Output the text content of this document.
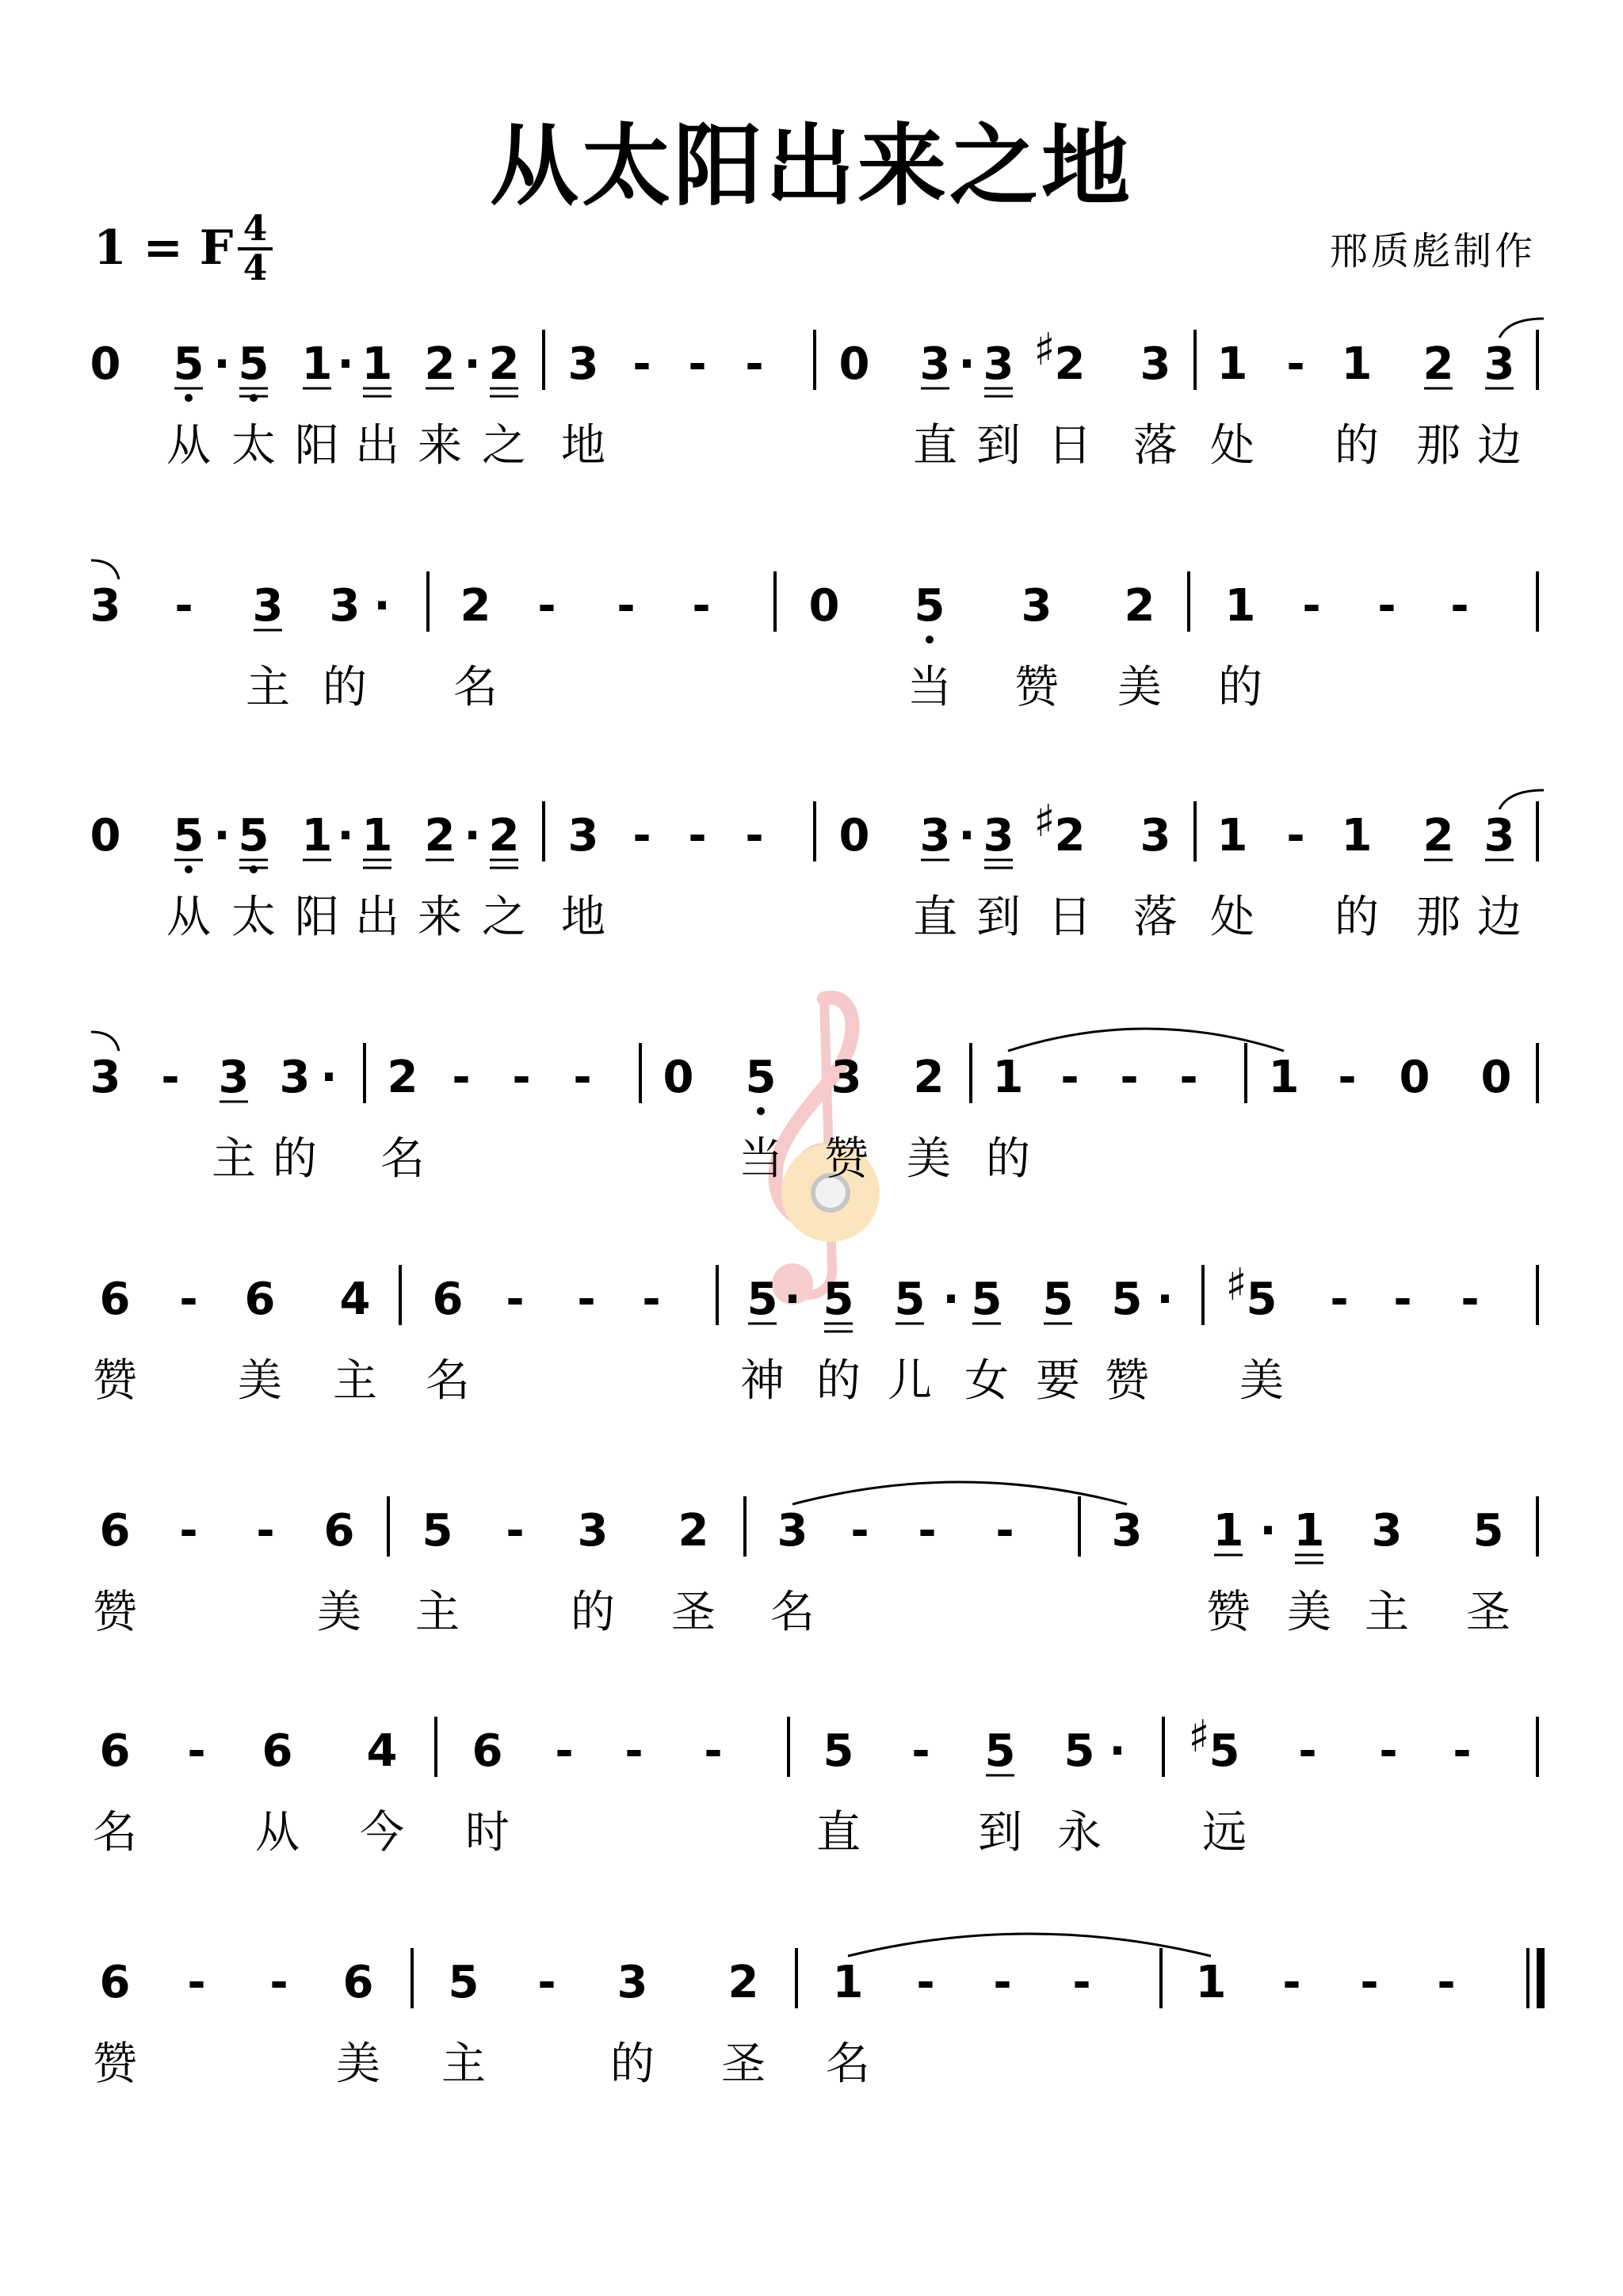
从太阳出来之地
1 = F 4
4	邢质彪制作
0 5
从
· 5
太
1
阳
· 1
出
2
来
· 2
之
3
地
- - - 0 3
直
· 3
到
2
♯
日
3
落
1
处
- 1
的
2
那
3
边
3 - 3
主
3
的
· 2
名
- - - 0 5
当
3
赞
2
美
1
的
- - -
0 5
从
· 5
太
1
阳
· 1
出
2
来
· 2
之
3
地
- - - 0 3
直
· 3
到
2
♯
日
3
落
1
处
- 1
的
2
那
3
边
3 - 3
主
3
的
· 2
名
- - - 0 5
当
3
赞
2
美
1
的
- - - 1 - 0 0
6
赞
- 6
美
4
主
6
名
- - - 5
神
· 5
的
5
儿
· 5
女
5
要
5
赞
· 5
♯
美
- - -
6
赞
- - 6
美
5
主
- 3
的
2
圣
3
名
- - - 3 1
赞
· 1
美
3
主
5
圣
6
名
- 6
从
4
今
6
时
- - - 5
直
- 5
到
5
永
· 5
♯
远
- - -
6
赞
- - 6
美
5
主
- 3
的
2
圣
1
名
- - - 1 - - -
